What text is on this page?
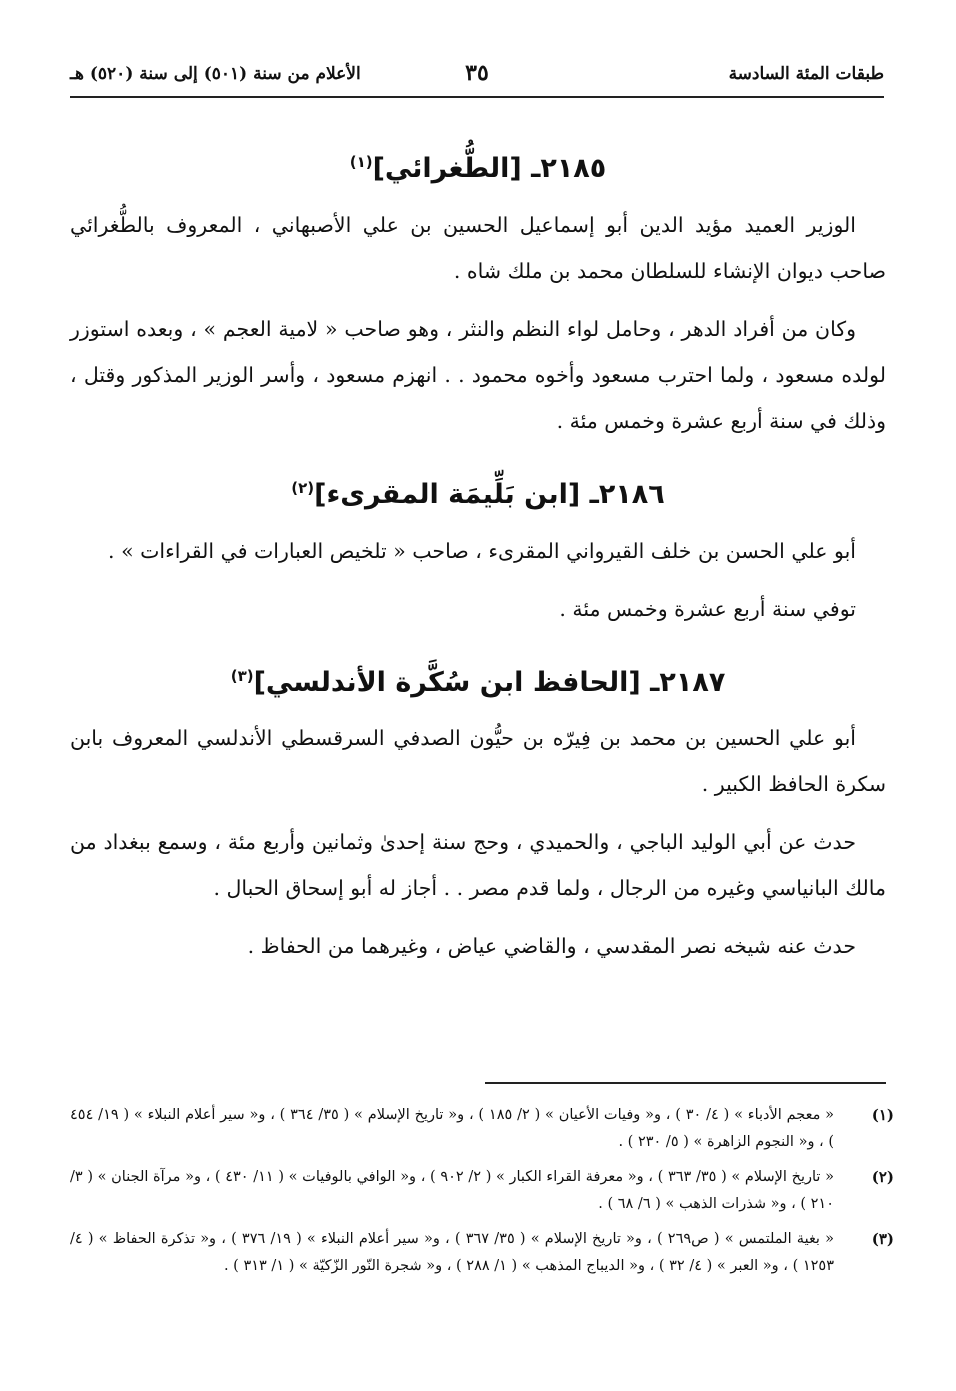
طبقات المئة السادسة
٣٥
الأعلام من سنة (٥٠١) إلى سنة (٥٢٠) هـ
٢١٨٥ـ [الطُّغرائي]$^{(١)}$

الوزير العميد مؤيد الدين أبو إسماعيل الحسين بن علي الأصبهاني ، المعروف بالطُّغرائي صاحب ديوان الإنشاء للسلطان محمد بن ملك شاه .

وكان من أفراد الدهر ، وحامل لواء النظم والنثر ، وهو صاحب « لامية العجم » ، وبعده استوزر لولده مسعود ، ولما احترب مسعود وأخوه محمود . . انهزم مسعود ، وأسر الوزير المذكور وقتل ، وذلك في سنة أربع عشرة وخمس مئة .

٢١٨٦ـ [ابن بَلِّيمَة المقرىء]$^{(٢)}$

أبو علي الحسن بن خلف القيرواني المقرىء ، صاحب « تلخيص العبارات في القراءات » .

توفي سنة أربع عشرة وخمس مئة .

٢١٨٧ـ [الحافظ ابن سُكَّرة الأندلسي]$^{(٣)}$

أبو علي الحسين بن محمد بن فِيرّه بن حيُّون الصدفي السرقسطي الأندلسي المعروف بابن سكرة الحافظ الكبير .

حدث عن أبي الوليد الباجي ، والحميدي ، وحج سنة إحدىٰ وثمانين وأربع مئة ، وسمع ببغداد من مالك البانياسي وغيره من الرجال ، ولما قدم مصر . . أجاز له أبو إسحاق الحبال .

حدث عنه شيخه نصر المقدسي ، والقاضي عياض ، وغيرهما من الحفاظ .

(١)
« معجم الأدباء » ( ٤/ ٣٠ ) ، و« وفيات الأعيان » ( ٢/ ١٨٥ ) ، و« تاريخ الإسلام » ( ٣٥/ ٣٦٤ ) ، و« سير أعلام النبلاء » ( ١٩/ ٤٥٤ ) ، و« النجوم الزاهرة » ( ٥/ ٢٣٠ ) .
(٢)
« تاريخ الإسلام » ( ٣٥/ ٣٦٣ ) ، و« معرفة القراء الكبار » ( ٢/ ٩٠٢ ) ، و« الوافي بالوفيات » ( ١١/ ٤٣٠ ) ، و« مرآة الجنان » ( ٣/ ٢١٠ ) ، و« شذرات الذهب » ( ٦/ ٦٨ ) .
(٣)
« بغية الملتمس » ( ص٢٦٩ ) ، و« تاريخ الإسلام » ( ٣٥/ ٣٦٧ ) ، و« سير أعلام النبلاء » ( ١٩/ ٣٧٦ ) ، و« تذكرة الحفاظ » ( ٤/ ١٢٥٣ ) ، و« العبر » ( ٤/ ٣٢ ) ، و« الديباج المذهب » ( ١/ ٢٨٨ ) ، و« شجرة النّور الزّكيّة » ( ١/ ٣١٣ ) .
